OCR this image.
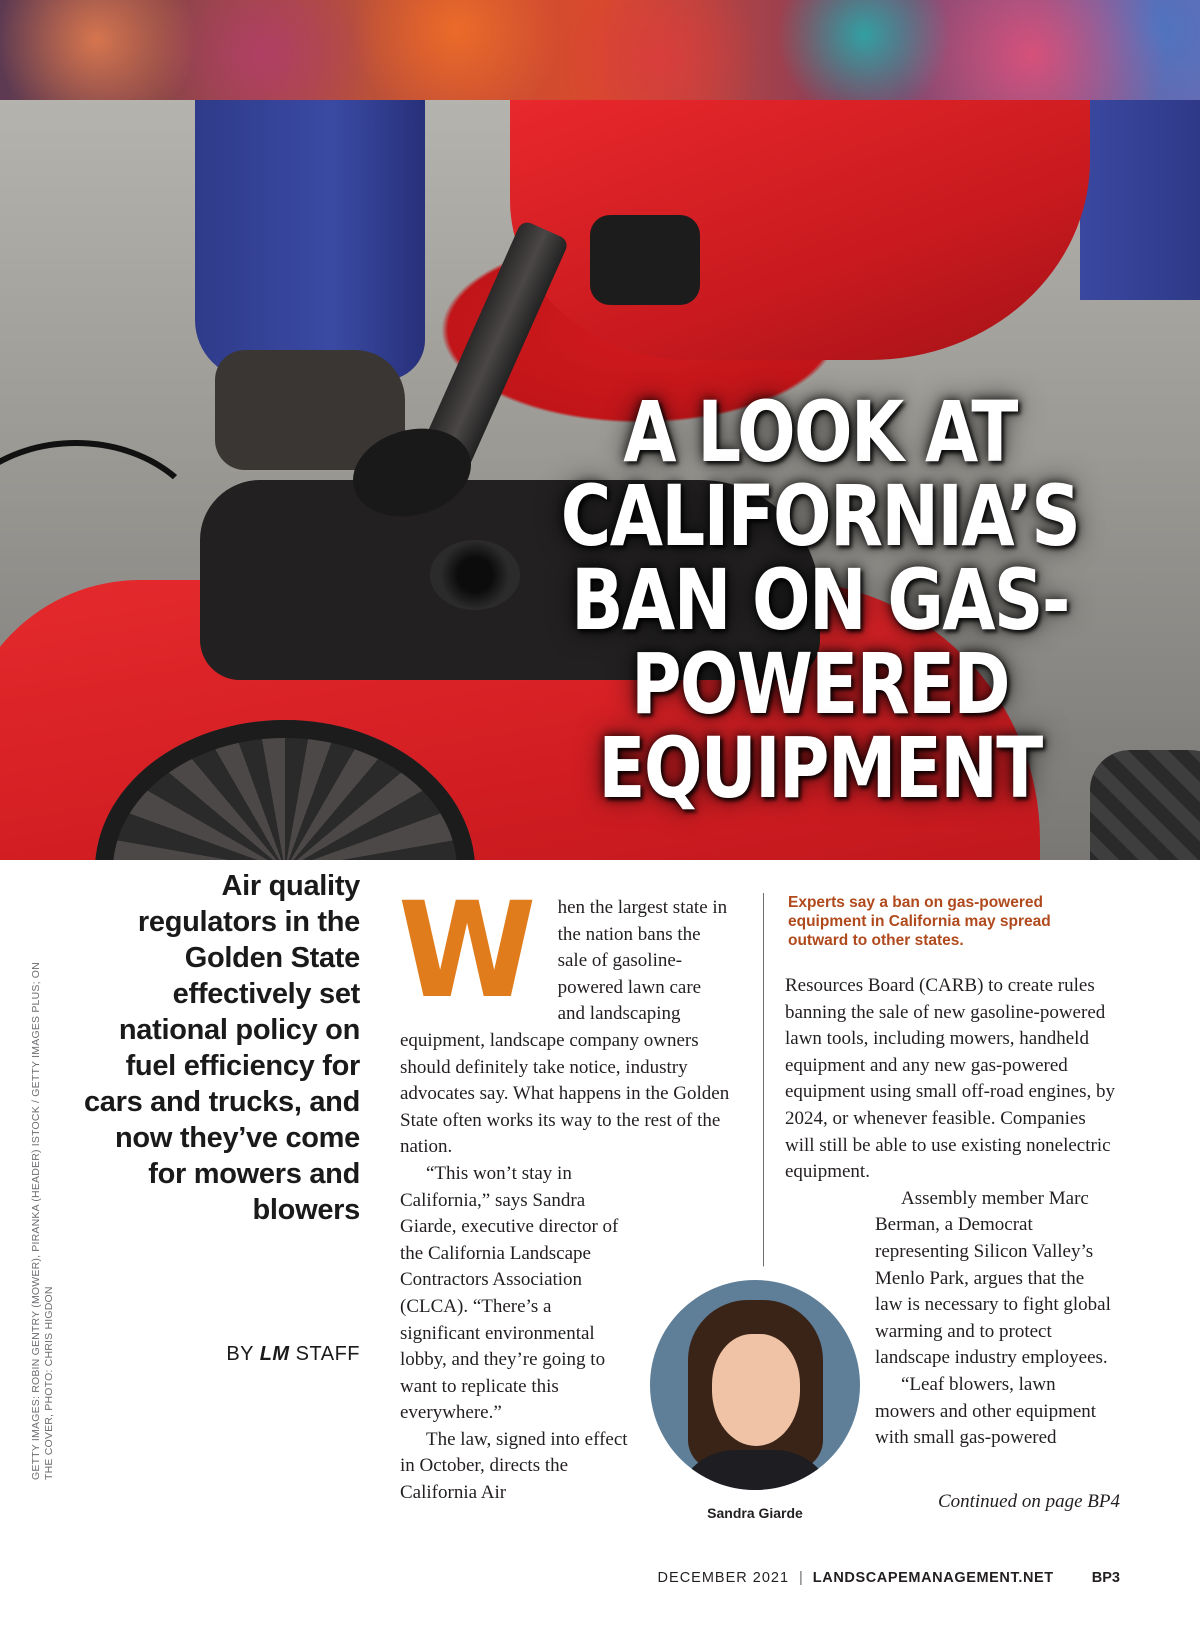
A LOOK AT CALIFORNIA’S BAN ON GAS-POWERED EQUIPMENT
GETTY IMAGES: ROBIN GENTRY (MOWER), PIRANKA (HEADER) ISTOCK / GETTY IMAGES PLUS; ON THE COVER, PHOTO: CHRIS HIGDON

Air quality regulators in the Golden State effectively set national policy on fuel efficiency for cars and trucks, and now they’ve come for mowers and blowers

BY LM STAFF

W hen the largest state in the nation bans the sale of gasoline-powered lawn care and landscaping equipment, landscape company owners should definitely take notice, industry advocates say. What happens in the Golden State often works its way to the rest of the nation.

“This won’t stay in California,” says Sandra Giarde, executive director of the California Landscape Contractors Association (CLCA). “There’s a significant environmental lobby, and they’re going to want to replicate this everywhere.”

The law, signed into effect in October, directs the California Air

Experts say a ban on gas-powered equipment in California may spread outward to other states.

Resources Board (CARB) to create rules banning the sale of new gasoline-powered lawn tools, including mowers, handheld equipment and any new gas-powered equipment using small off-road engines, by 2024, or whenever feasible. Companies will still be able to use existing nonelectric equipment.

Assembly member Marc Berman, a Democrat representing Silicon Valley’s Menlo Park, argues that the law is necessary to fight global warming and to protect landscape industry employees.

“Leaf blowers, lawn mowers and other equipment with small gas-powered

Sandra Giarde
Continued on page BP4
DECEMBER 2021 | LANDSCAPEMANAGEMENT.NET	BP3
